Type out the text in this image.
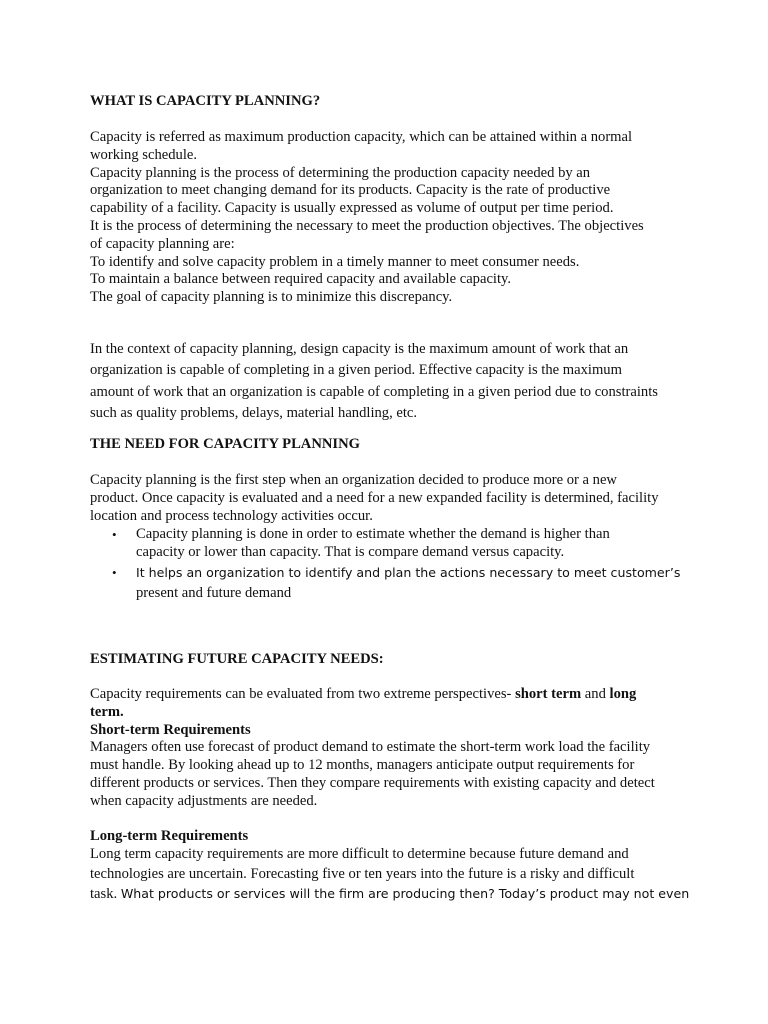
WHAT IS CAPACITY PLANNING?
Capacity is referred as maximum production capacity, which can be attained within a normal
working schedule.
Capacity planning is the process of determining the production capacity needed by an
organization to meet changing demand for its products. Capacity is the rate of productive
capability of a facility. Capacity is usually expressed as volume of output per time period.
It is the process of determining the necessary to meet the production objectives. The objectives
of capacity planning are:
To identify and solve capacity problem in a timely manner to meet consumer needs.
To maintain a balance between required capacity and available capacity.
The goal of capacity planning is to minimize this discrepancy.
In the context of capacity planning, design capacity is the maximum amount of work that an
organization is capable of completing in a given period. Effective capacity is the maximum
amount of work that an organization is capable of completing in a given period due to constraints
such as quality problems, delays, material handling, etc.
THE NEED FOR CAPACITY PLANNING
Capacity planning is the first step when an organization decided to produce more or a new
product. Once capacity is evaluated and a need for a new expanded facility is determined, facility
location and process technology activities occur.
• Capacity planning is done in order to estimate whether the demand is higher than
capacity or lower than capacity. That is compare demand versus capacity.
• It helps an organization to identify and plan the actions necessary to meet customer’s
present and future demand
ESTIMATING FUTURE CAPACITY NEEDS:
Capacity requirements can be evaluated from two extreme perspectives- short term and long
term.
Short-term Requirements
Managers often use forecast of product demand to estimate the short-term work load the facility
must handle. By looking ahead up to 12 months, managers anticipate output requirements for
different products or services. Then they compare requirements with existing capacity and detect
when capacity adjustments are needed.
Long-term Requirements
Long term capacity requirements are more difficult to determine because future demand and
technologies are uncertain. Forecasting five or ten years into the future is a risky and difficult
task. What products or services will the firm are producing then? Today’s product may not even
